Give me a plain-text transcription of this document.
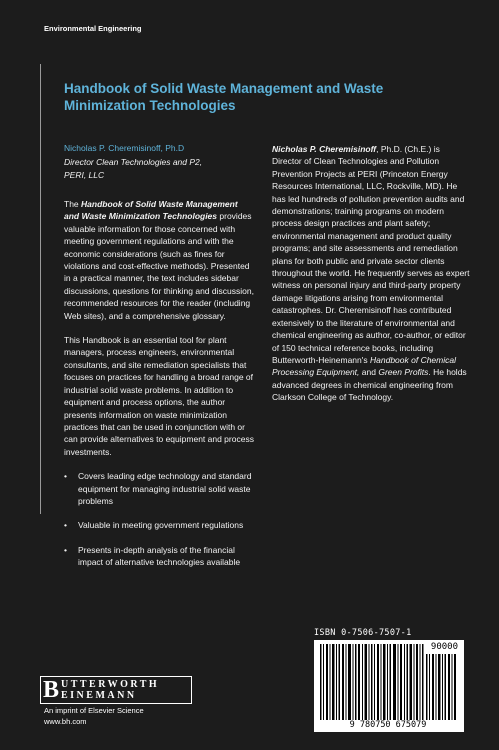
Environmental Engineering
Handbook of Solid Waste Management and Waste Minimization Technologies
Nicholas P. Cheremisinoff, Ph.D
Director Clean Technologies and P2,
PERI, LLC

The Handbook of Solid Waste Management and Waste Minimization Technologies provides valuable information for those concerned with meeting government regulations and with the economic considerations (such as fines for violations and cost-effective methods). Presented in a practical manner, the text includes sidebar discussions, questions for thinking and discussion, recommended resources for the reader (including Web sites), and a comprehensive glossary.

This Handbook is an essential tool for plant managers, process engineers, environmental consultants, and site remediation specialists that focuses on practices for handling a broad range of industrial solid waste problems. In addition to equipment and process options, the author presents information on waste minimization practices that can be used in conjunction with or can provide alternatives to equipment and process investments.

• Covers leading edge technology and standard equipment for managing industrial solid waste problems
• Valuable in meeting government regulations
• Presents in-depth analysis of the financial impact of alternative technologies available

Nicholas P. Cheremisinoff, Ph.D. (Ch.E.) is Director of Clean Technologies and Pollution Prevention Projects at PERI (Princeton Energy Resources International, LLC, Rockville, MD). He has led hundreds of pollution prevention audits and demonstrations; training programs on modern process design practices and plant safety; environmental management and product quality programs; and site assessments and remediation plans for both public and private sector clients throughout the world. He frequently serves as expert witness on personal injury and third-party property damage litigations arising from environmental catastrophes. Dr. Cheremisinoff has contributed extensively to the literature of environmental and chemical engineering as author, co-author, or editor of 150 technical reference books, including Butterworth-Heinemann's Handbook of Chemical Processing Equipment, and Green Profits. He holds advanced degrees in chemical engineering from Clarkson College of Technology.

ISBN 0-7506-7507-1
90000
9 780750 675079
B UTTERWORTH
EINEMANN
An imprint of Elsevier Science
www.bh.com
